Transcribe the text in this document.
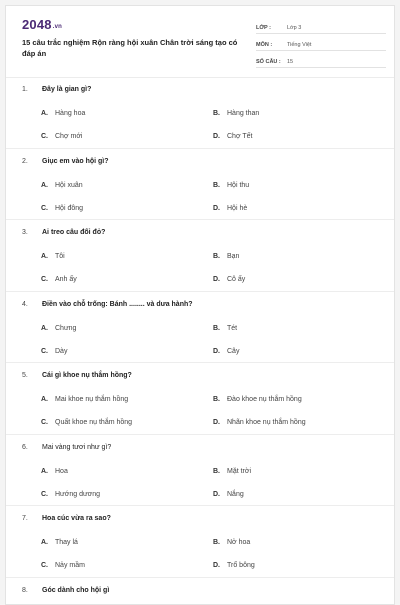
2048.vn
15 câu trắc nghiệm Rộn ràng hội xuân Chân trời sáng tạo có đáp án
LỚP :	Lớp 3
MÔN :	Tiếng Việt
SỐ CÂU :	15
1. Đây là gian gì?
A. Hàng hoa	B. Hàng than
C. Chợ mới	D. Chợ Tết
2. Giục em vào hội gì?
A. Hội xuân	B. Hội thu
C. Hội đông	D. Hội hè
3. Ai treo câu đối đỏ?
A. Tôi	B. Bạn
C. Anh ấy	D. Cô ấy
4. Điền vào chỗ trống: Bánh ........ và dưa hành?
A. Chưng	B. Tét
C. Dày	D. Cây
5. Cái gì khoe nụ thắm hồng?
A. Mai khoe nụ thắm hồng	B. Đào khoe nụ thắm hồng
C. Quất khoe nụ thắm hồng	D. Nhãn khoe nụ thắm hồng
6. Mai vàng tươi như gì?
A. Hoa	B. Mặt trời
C. Hướng dương	D. Nắng
7. Hoa cúc vừa ra sao?
A. Thay lá	B. Nở hoa
C. Nảy mầm	D. Trổ bông
8. Góc dành cho hội gì
